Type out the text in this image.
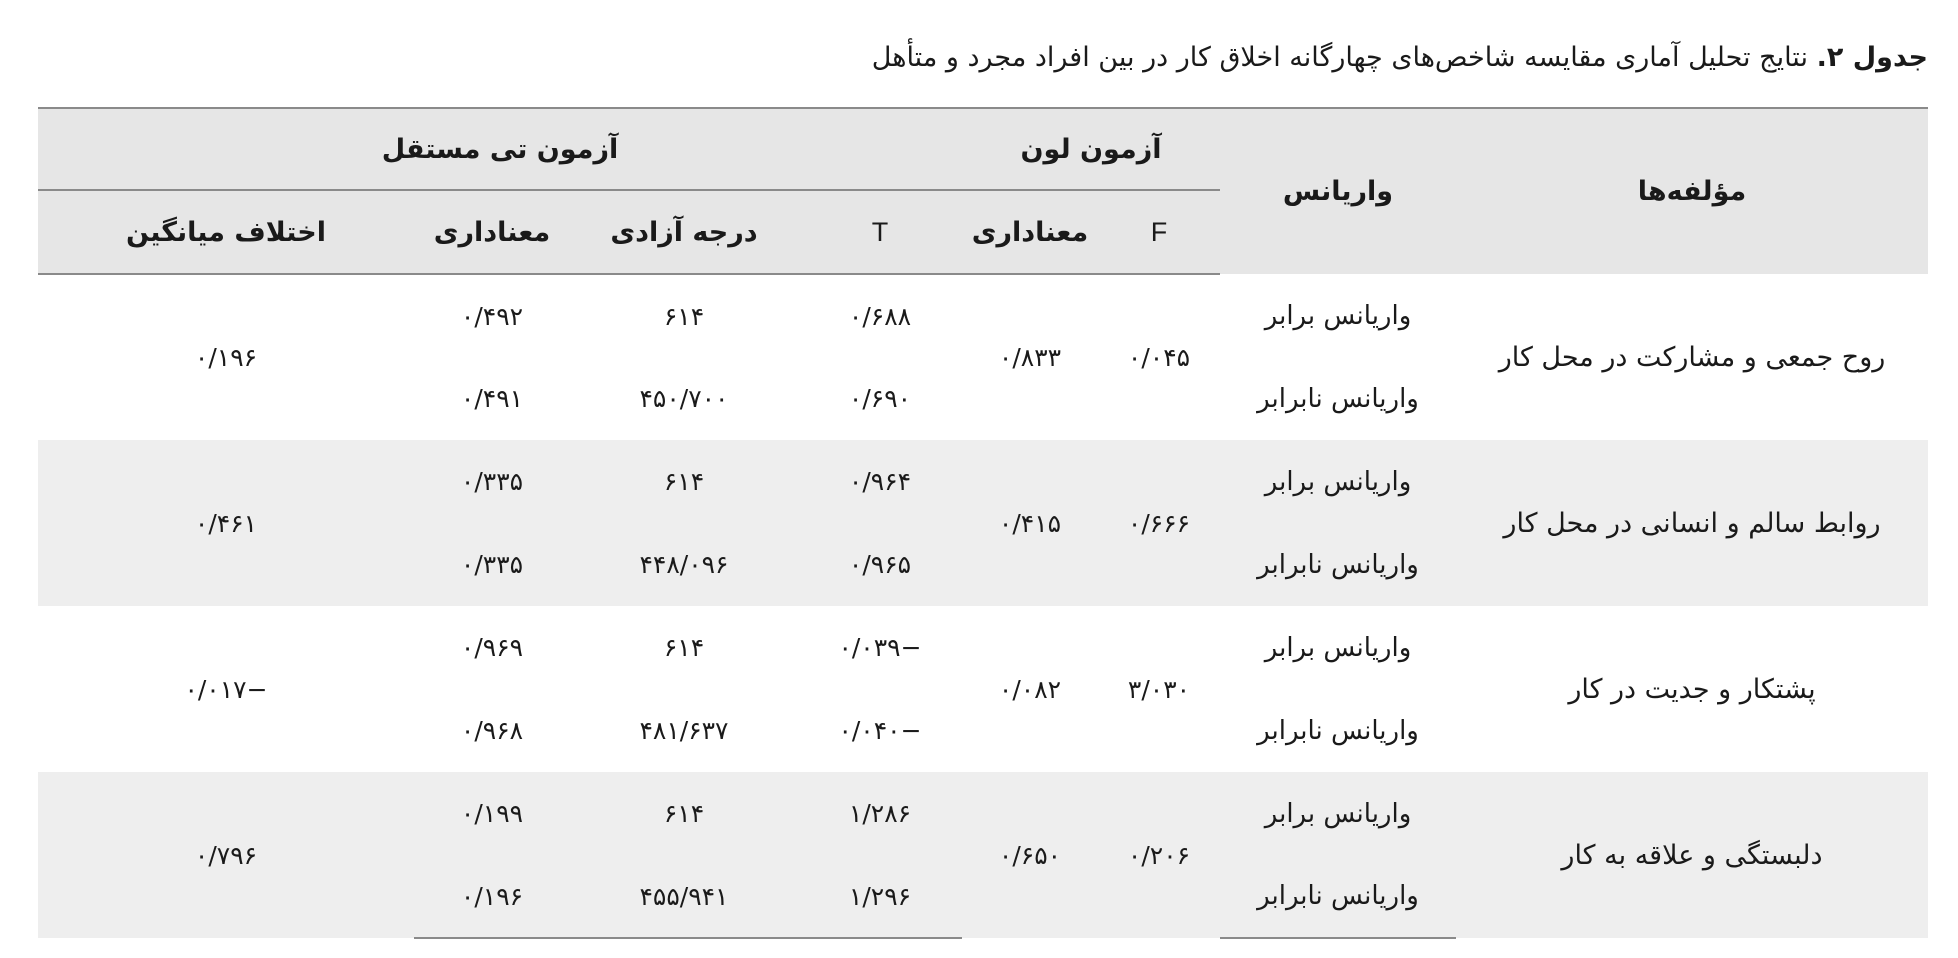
جدول ۲. نتایج تحلیل آماری مقایسه شاخص‌های چهارگانه اخلاق کار در بین افراد مجرد و متأهل
مؤلفه‌ها	واریانس	آزمون لون		آزمون تی مستقل			
		F	معناداری	T	درجه آزادی	معناداری	اختلاف میانگین
روح جمعی و مشارکت در محل کار	واریانس برابر	۰/۰۴۵	۰/۸۳۳	۰/۶۸۸	۶۱۴	۰/۴۹۲	۰/۱۹۶
	واریانس نابرابر			۰/۶۹۰	۴۵۰/۷۰۰	۰/۴۹۱	
روابط سالم و انسانی در محل کار	واریانس برابر	۰/۶۶۶	۰/۴۱۵	۰/۹۶۴	۶۱۴	۰/۳۳۵	۰/۴۶۱
	واریانس نابرابر			۰/۹۶۵	۴۴۸/۰۹۶	۰/۳۳۵	
پشتکار و جدیت در کار	واریانس برابر	۳/۰۳۰	۰/۰۸۲	−۰/۰۳۹	۶۱۴	۰/۹۶۹	−۰/۰۱۷
	واریانس نابرابر			−۰/۰۴۰	۴۸۱/۶۳۷	۰/۹۶۸	
دلبستگی و علاقه به کار	واریانس برابر	۰/۲۰۶	۰/۶۵۰	۱/۲۸۶	۶۱۴	۰/۱۹۹	۰/۷۹۶
	واریانس نابرابر			۱/۲۹۶	۴۵۵/۹۴۱	۰/۱۹۶	
